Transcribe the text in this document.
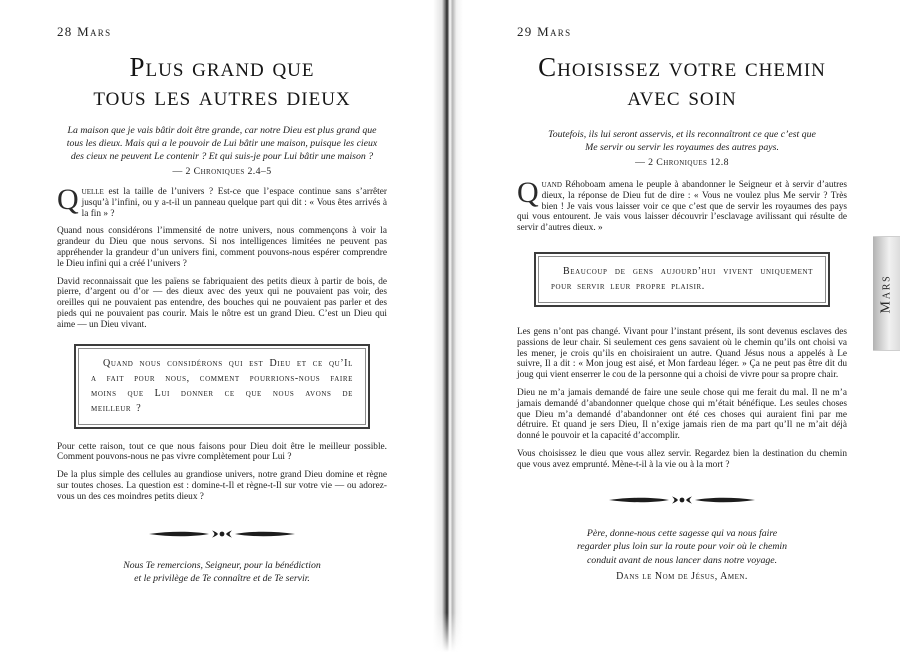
28 Mars
Plus grand que
tous les autres dieux
La maison que je vais bâtir doit être grande, car notre Dieu est plus grand que tous les dieux. Mais qui a le pouvoir de Lui bâtir une maison, puisque les cieux des cieux ne peuvent Le contenir ? Et qui suis-je pour Lui bâtir une maison ?
— 2 Chroniques 2.4–5
Quelle est la taille de l’univers ? Est-ce que l’espace continue sans s’arrêter jusqu’à l’infini, ou y a-t-il un panneau quelque part qui dit : « Vous êtes arrivés à la fin » ?
Quand nous considérons l’immensité de notre univers, nous commençons à voir la grandeur du Dieu que nous servons. Si nos intelligences limitées ne peuvent pas appréhender la grandeur d’un univers fini, comment pouvons-nous espérer comprendre le Dieu infini qui a créé l’univers ?
David reconnaissait que les païens se fabriquaient des petits dieux à partir de bois, de pierre, d’argent ou d’or — des dieux avec des yeux qui ne pouvaient pas voir, des oreilles qui ne pouvaient pas entendre, des bouches qui ne pouvaient pas parler et des pieds qui ne pouvaient pas courir. Mais le nôtre est un grand Dieu. C’est un Dieu qui aime — un Dieu vivant.
Quand nous considérons qui est Dieu et ce qu’Il a fait pour nous, comment pourrions-nous faire moins que Lui donner ce que nous avons de meilleur ?
Pour cette raison, tout ce que nous faisons pour Dieu doit être le meilleur possible. Comment pouvons-nous ne pas vivre complètement pour Lui ?
De la plus simple des cellules au grandiose univers, notre grand Dieu domine et règne sur toutes choses. La question est : domine-t-Il et règne-t-Il sur votre vie — ou adorez-vous un des ces moindres petits dieux ?
Nous Te remercions, Seigneur, pour la bénédiction
et le privilège de Te connaître et de Te servir.
29 Mars
Choisissez votre chemin
avec soin
Toutefois, ils lui seront asservis, et ils reconnaîtront ce que c’est que Me servir ou servir les royaumes des autres pays.
— 2 Chroniques 12.8
Quand Réhoboam amena le peuple à abandonner le Seigneur et à servir d’autres dieux, la réponse de Dieu fut de dire : « Vous ne voulez plus Me servir ? Très bien ! Je vais vous laisser voir ce que c’est que de servir les royaumes des pays qui vous entourent. Je vais vous laisser découvrir l’esclavage avilissant qui résulte de servir d’autres dieux. »
Beaucoup de gens aujourd’hui vivent uniquement pour servir leur propre plaisir.
Les gens n’ont pas changé. Vivant pour l’instant présent, ils sont devenus esclaves des passions de leur chair. Si seulement ces gens savaient où le chemin qu’ils ont choisi va les mener, je crois qu’ils en choisiraient un autre. Quand Jésus nous a appelés à Le suivre, Il a dit : « Mon joug est aisé, et Mon fardeau léger. » Ça ne peut pas être dit du joug qui vient enserrer le cou de la personne qui a choisi de vivre pour sa propre chair.
Dieu ne m’a jamais demandé de faire une seule chose qui me ferait du mal. Il ne m’a jamais demandé d’abandonner quelque chose qui m’était bénéfique. Les seules choses que Dieu m’a demandé d’abandonner ont été ces choses qui auraient fini par me détruire. Et quand je sers Dieu, Il n’exige jamais rien de ma part qu’Il ne m’ait déjà donné le pouvoir et la capacité d’accomplir.
Vous choisissez le dieu que vous allez servir. Regardez bien la destination du chemin que vous avez emprunté. Mène-t-il à la vie ou à la mort ?
Père, donne-nous cette sagesse qui va nous faire
regarder plus loin sur la route pour voir où le chemin
conduit avant de nous lancer dans notre voyage.
Dans le Nom de Jésus, Amen.
Mars
